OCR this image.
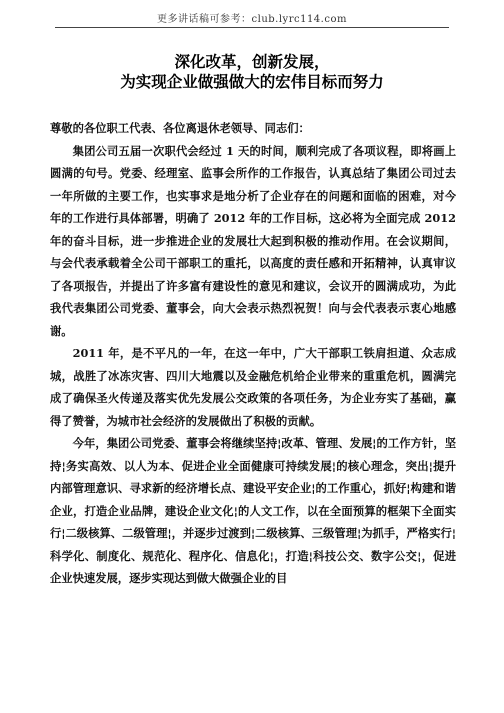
更多讲话稿可参考：club.lyrc114.com
深化改革，创新发展，
为实现企业做强做大的宏伟目标而努力

尊敬的各位职工代表、各位离退休老领导、同志们：

集团公司五届一次职代会经过 1 天的时间，顺利完成了各项议程，即将画上圆满的句号。党委、经理室、监事会所作的工作报告，认真总结了集团公司过去一年所做的主要工作，也实事求是地分析了企业存在的问题和面临的困难，对今年的工作进行具体部署，明确了 2012 年的工作目标，这必将为全面完成 2012 年的奋斗目标，进一步推进企业的发展壮大起到积极的推动作用。在会议期间，与会代表承载着全公司干部职工的重托，以高度的责任感和开拓精神，认真审议了各项报告，并提出了许多富有建设性的意见和建议，会议开的圆满成功，为此我代表集团公司党委、董事会，向大会表示热烈祝贺！向与会代表表示衷心地感谢。

2011 年，是不平凡的一年，在这一年中，广大干部职工铁肩担道、众志成城，战胜了冰冻灾害、四川大地震以及金融危机给企业带来的重重危机，圆满完成了确保圣火传递及落实优先发展公交政策的各项任务，为企业夯实了基础，赢得了赞誉，为城市社会经济的发展做出了积极的贡献。

今年，集团公司党委、董事会将继续坚持¦改革、管理、发展¦的工作方针，坚持¦务实高效、以人为本、促进企业全面健康可持续发展¦的核心理念，突出¦提升内部管理意识、寻求新的经济增长点、建设平安企业¦的工作重心，抓好¦构建和谐企业，打造企业品牌，建设企业文化¦的人文工作，以在全面预算的框架下全面实行¦二级核算、二级管理¦，并逐步过渡到¦二级核算、三级管理¦为抓手，严格实行¦科学化、制度化、规范化、程序化、信息化¦，打造¦科技公交、数字公交¦，促进企业快速发展，逐步实现达到做大做强企业的目
